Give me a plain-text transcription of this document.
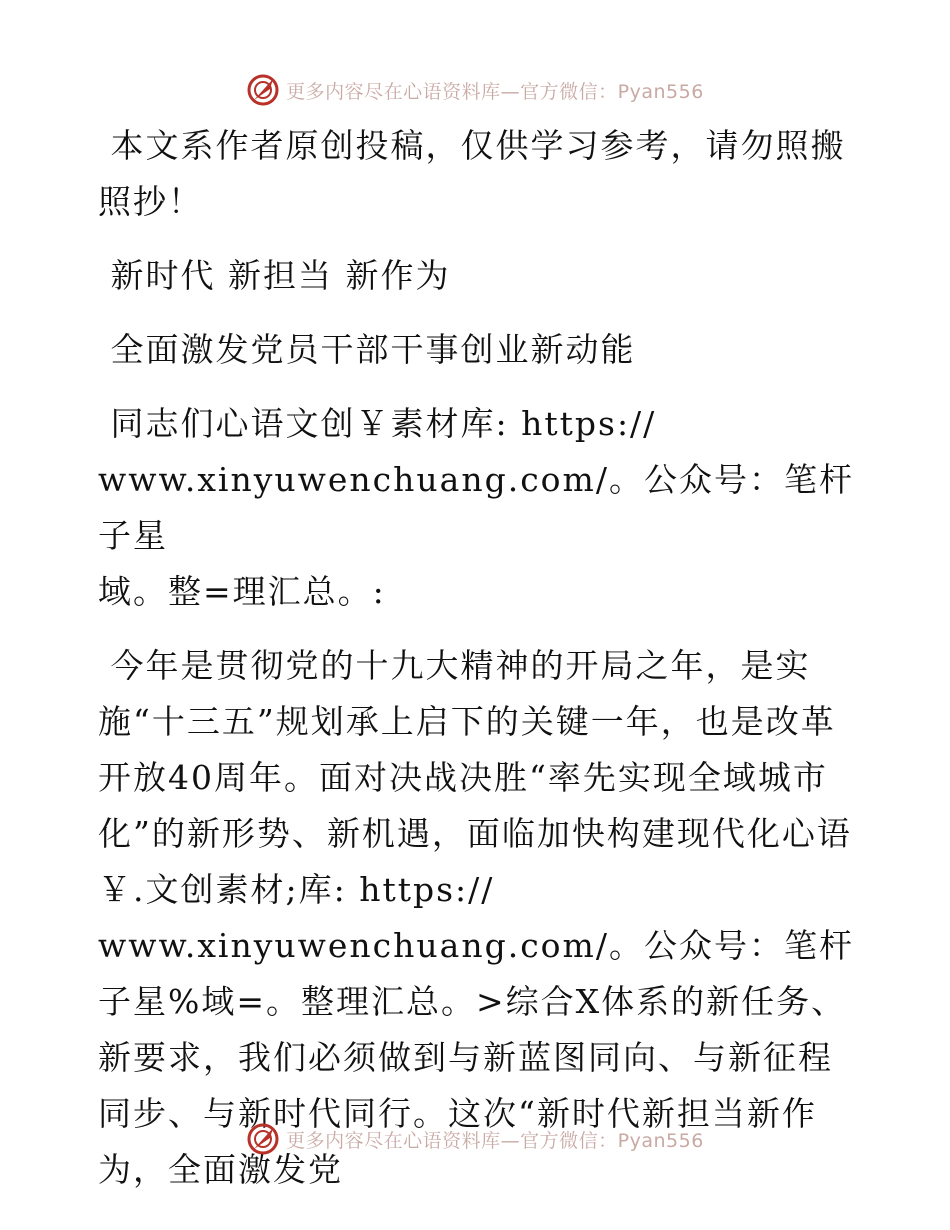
更多内容尽在心语资料库—官方微信：Pyan556

本文系作者原创投稿，仅供学习参考，请勿照搬照抄！

新时代 新担当 新作为

全面激发党员干部干事创业新动能

同志们心语文创￥素材库: https://
www.xinyuwenchuang.com/。公众号：笔杆子星
域。整=理汇总。:

今年是贯彻党的十九大精神的开局之年，是实
施“十三五”规划承上启下的关键一年，也是改革开放40周年。面对决战决胜“率先实现全域城市化”的新形势、新机遇，面临加快构建现代化心语￥.文创素材;库: https://
www.xinyuwenchuang.com/。公众号：笔杆子星%域=。整理汇总。>综合X体系的新任务、新要求，我们必须做到与新蓝图同向、与新征程同步、与新时代同行。这次“新时代新担当新作为，全面激发党

更多内容尽在心语资料库—官方微信：Pyan556
